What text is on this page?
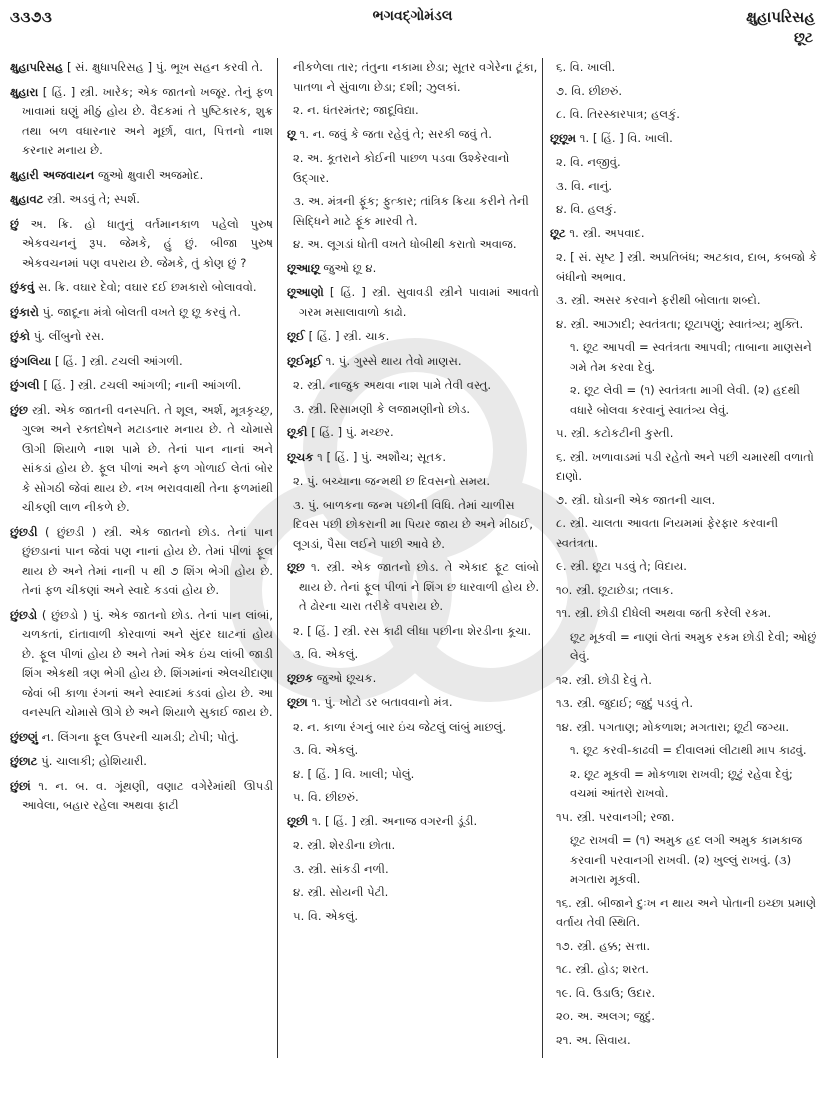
૩૩૭૩	ભગવદ્ગોમંડલ	ક્ષુહાપરિસહ
છૂટ
ક્ષુહાપરિસહ [ સં. ક્ષુધાપરિસહ ] પું. ભૂખ સહન કરવી તે.
ક્ષુહારા [ હિં. ] સ્ત્રી. ખારેક; એક જાતનો ખજૂર. તેનું ફળ ખાવામાં ઘણું મીઠું હોય છે. વૈદકમાં તે પુષ્ટિકારક, શુક્ર તથા બળ વધારનાર અને મૂર્છા, વાત, પિત્તનો નાશ કરનાર મનાય છે.
ક્ષુહારી અજવાયન જુઓ ક્ષુવારી અજમોદ.
ક્ષુહાવટ સ્ત્રી. અડવું તે; સ્પર્શ.
છું અ. ક્રિ. હો ધાતુનું વર્તમાનકાળ પહેલો પુરુષ એકવચનનું રૂપ. જેમકે, હું છું. બીજા પુરુષ એકવચનમાં પણ વપરાય છે. જેમકે, તું કોણ છું ?
છુંકવું સ. ક્રિ. વઘાર દેવો; વઘાર દઈ છમકારો બોલાવવો.
છુંકારો પું. જાદૂના મંત્રો બોલતી વખતે છૂ છૂ કરવું તે.
છુંકો પું. લીંબુનો રસ.
છુંગલિયા [ હિં. ] સ્ત્રી. ટચલી આંગળી.
છુંગલી [ હિં. ] સ્ત્રી. ટચલી આંગળી; નાની આંગળી.
છુંછ સ્ત્રી. એક જાતની વનસ્પતિ. તે શૂલ, અર્શ, મૂત્રકૃચ્છ્ર, ગુલ્મ અને રક્તદોષને મટાડનાર મનાય છે. તે ચોમાસે ઊગી શિયાળે નાશ પામે છે. તેનાં પાન નાનાં અને સાંકડાં હોય છે. ફૂલ પીળાં અને ફળ ગોળાઈ લેતાં બોર કે સોગઠી જેવાં થાય છે. નખ ભરાવવાથી તેના ફળમાંથી ચીકણી લાળ નીકળે છે.
છુંછડી ( છુંછડી ) સ્ત્રી. એક જાતનો છોડ. તેનાં પાન છુંછડાનાં પાન જેવાં પણ નાનાં હોય છે. તેમાં પીળાં ફૂલ થાય છે અને તેમાં નાની ૫ થી ૭ શિંગ ભેગી હોય છે. તેનાં ફળ ચીકણાં અને સ્વાદે કડવાં હોય છે.
છુંછડો ( છુંછડો ) પું. એક જાતનો છોડ. તેનાં પાન લાંબાં, ચળકતાં, દાંતાવાળી કોરવાળાં અને સુંદર ઘાટનાં હોય છે. ફૂલ પીળાં હોય છે અને તેમાં એક ઇંચ લાંબી જાડી શિંગ એકથી ત્રણ ભેગી હોય છે. શિંગમાંનાં એલચીદાણા જેવાં બી કાળા રંગનાં અને સ્વાદમાં કડવાં હોય છે. આ વનસ્પતિ ચોમાસે ઊગે છે અને શિયાળે સુકાઈ જાય છે.
છુંછણું ન. લિંગના ફૂલ ઉપરની ચામડી; ટોપી; પોતું.
છુંછાટ પું. ચાલાકી; હોશિયારી.
છુંછાં ૧. ન. બ. વ. ગૂંથણી, વણાટ વગેરેમાંથી ઊપડી આવેલા, બહાર રહેલા અથવા ફાટી
નીકળેલા તાર; તંતુના નકામા છેડા; સૂતર વગેરેના ટૂંકા, પાતળા ને સુંવાળા છેડા; દશી; ઝુલકાં.
૨. ન. ધંતરમંતર; જાદૂવિદ્યા.
છૂ ૧. ન. જવું કે જતા રહેવું તે; સરકી જવું તે.
૨. અ. કૂતરાને કોઈની પાછળ પડવા ઉશ્કેરવાનો ઉદ્ગાર.
૩. અ. મંત્રની ફૂંક; ફુત્કાર; તાંત્રિક ક્રિયા કરીને તેની સિદ્ધિને માટે ફૂંક મારવી તે.
૪. અ. લૂગડાં ધોતી વખતે ધોબીથી કરાતો અવાજ.
છૂઆછૂ જુઓ છૂ ૪.
છૂઆણો [ હિં. ] સ્ત્રી. સુવાવડી સ્ત્રીને પાવામાં આવતો ગરમ મસાલાવાળો કાઢો.
છૂઈ [ હિં. ] સ્ત્રી. ચાક.
છૂઈમૂઈ ૧. પું. ગુસ્સે થાય તેવો માણસ.
૨. સ્ત્રી. નાજુક અથવા નાશ પામે તેવી વસ્તુ.
૩. સ્ત્રી. રિસામણી કે લજામણીનો છોડ.
છૂકી [ હિં. ] પું. મચ્છર.
છૂચક ૧ [ હિં. ] પું. અશૌચ; સૂતક.
૨. પું. બચ્ચાના જન્મથી છ દિવસનો સમય.
૩. પું. બાળકના જન્મ પછીની વિધિ. તેમાં ચાળીસ દિવસ પછી છોકરાની મા પિયર જાય છે અને મીઠાઈ, લૂગડાં, પૈસા લઈને પાછી આવે છે.
છૂછ ૧. સ્ત્રી. એક જાતનો છોડ. તે એકાદ ફૂટ લાંબો થાય છે. તેનાં ફૂલ પીળાં ને શિંગ છ ધારવાળી હોય છે. તે ઢોરના ચારા તરીકે વપરાય છે.
૨. [ હિં. ] સ્ત્રી. રસ કાઢી લીધા પછીના શેરડીના કૂચા.
૩. વિ. એકલું.
છૂછક જુઓ છૂચક.
છૂછા ૧. પું. ખોટો ડર બતાવવાનો મંત્ર.
૨. ન. કાળા રંગનું બાર ઇંચ જેટલું લાંબું માછલું.
૩. વિ. એકલું.
૪. [ હિં. ] વિ. ખાલી; પોલું.
૫. વિ. છીછરું.
છૂછી ૧. [ હિં. ] સ્ત્રી. અનાજ વગરની ડૂંડી.
૨. સ્ત્રી. શેરડીના છોતા.
૩. સ્ત્રી. સાંકડી નળી.
૪. સ્ત્રી. સોયની પેટી.
૫. વિ. એકલું.
૬. વિ. ખાલી.
૭. વિ. છીછરું.
૮. વિ. તિરસ્કારપાત્ર; હલકું.
છૂછૂમ ૧. [ હિં. ] વિ. ખાલી.
૨. વિ. નજીવું.
૩. વિ. નાનું.
૪. વિ. હલકું.
છૂટ ૧. સ્ત્રી. અપવાદ.
૨. [ સં. સૃષ્ટ ] સ્ત્રી. અપ્રતિબંધ; અટકાવ, દાબ, કબજો કે બંધીનો અભાવ.
૩. સ્ત્રી. અસર કરવાને ફરીથી બોલાતા શબ્દો.
૪. સ્ત્રી. આઝાદી; સ્વતંત્રતા; છૂટાપણું; સ્વાતંત્ર્ય; મુક્તિ.
૧. છૂટ આપવી = સ્વતંત્રતા આપવી; તાબાના માણસને ગમે તેમ કરવા દેવું.
૨. છૂટ લેવી = (૧) સ્વતંત્રતા માગી લેવી. (૨) હદથી વધારે બોલવા કરવાનું સ્વાતંત્ર્ય લેવું.
૫. સ્ત્રી. કટોકટીની કુસ્તી.
૬. સ્ત્રી. ખળાવાડમાં પડી રહેતો અને પછી ચમારથી વળાતો દાણો.
૭. સ્ત્રી. ઘોડાની એક જાતની ચાલ.
૮. સ્ત્રી. ચાલતા આવતા નિયમમાં ફેરફાર કરવાની સ્વતંત્રતા.
૯. સ્ત્રી. છૂટા પડવું તે; વિદાય.
૧૦. સ્ત્રી. છૂટાછેડા; તલાક.
૧૧. સ્ત્રી. છોડી દીધેલી અથવા જતી કરેલી રકમ.
છૂટ મૂકવી = નાણાં લેતાં અમુક રકમ છોડી દેવી; ઓછું લેવું.
૧૨. સ્ત્રી. છોડી દેવું તે.
૧૩. સ્ત્રી. જુદાઈ; જુદું પડવું તે.
૧૪. સ્ત્રી. પગતાણ; મોકળાશ; મગતારા; છૂટી જગ્યા.
૧. છૂટ કરવી-કાઢવી = દીવાલમાં લીટાથી માપ કાઢવું.
૨. છૂટ મૂકવી = મોકળાશ રાખવી; છૂટું રહેવા દેવું; વચમાં આંતરો રાખવો.
૧૫. સ્ત્રી. પરવાનગી; રજા.
છૂટ રાખવી = (૧) અમુક હદ લગી અમુક કામકાજ કરવાની પરવાનગી રાખવી. (૨) ખુલ્લું રાખવું. (૩) મગતારા મૂકવી.
૧૬. સ્ત્રી. બીજાને દુઃખ ન થાય અને પોતાની ઇચ્છા પ્રમાણે વર્તાય તેવી સ્થિતિ.
૧૭. સ્ત્રી. હક્ક; સત્તા.
૧૮. સ્ત્રી. હોડ; શરત.
૧૯. વિ. ઉડાઉ; ઉદાર.
૨૦. અ. અલગ; જુદું.
૨૧. અ. સિવાય.
